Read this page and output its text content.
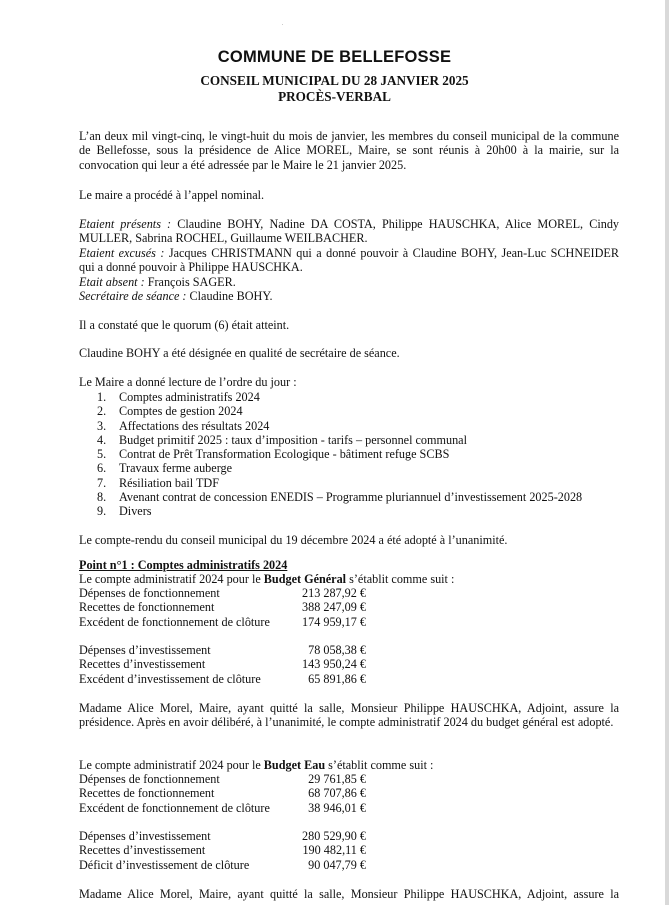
COMMUNE DE BELLEFOSSE
CONSEIL MUNICIPAL DU 28 JANVIER 2025
PROCÈS-VERBAL
L’an deux mil vingt-cinq, le vingt-huit du mois de janvier, les membres du conseil municipal de la commune de Bellefosse, sous la présidence de Alice MOREL, Maire, se sont réunis à 20h00 à la mairie, sur la convocation qui leur a été adressée par le Maire le 21 janvier 2025.
Le maire a procédé à l’appel nominal.

Etaient présents : Claudine BOHY, Nadine DA COSTA, Philippe HAUSCHKA, Alice MOREL, Cindy MULLER, Sabrina ROCHEL, Guillaume WEILBACHER.

Etaient excusés : Jacques CHRISTMANN qui a donné pouvoir à Claudine BOHY, Jean-Luc SCHNEIDER qui a donné pouvoir à Philippe HAUSCHKA.

Etait absent : François SAGER.

Secrétaire de séance : Claudine BOHY.

Il a constaté que le quorum (6) était atteint.
Claudine BOHY a été désignée en qualité de secrétaire de séance.
Le Maire a donné lecture de l’ordre du jour :
1.	Comptes administratifs 2024
2.	Comptes de gestion 2024
3.	Affectations des résultats 2024
4.	Budget primitif 2025 : taux d’imposition - tarifs – personnel communal
5.	Contrat de Prêt Transformation Ecologique - bâtiment refuge SCBS
6.	Travaux ferme auberge
7.	Résiliation bail TDF
8.	Avenant contrat de concession ENEDIS – Programme pluriannuel d’investissement 2025-2028
9.	Divers
Le compte-rendu du conseil municipal du 19 décembre 2024 a été adopté à l’unanimité.
Point n°1 : Comptes administratifs 2024
Le compte administratif 2024 pour le Budget Général s’établit comme suit :
Dépenses de fonctionnement	213 287,92 €
Recettes de fonctionnement	388 247,09 €
Excédent de fonctionnement de clôture	174 959,17 €
Dépenses d’investissement	78 058,38 €
Recettes d’investissement	143 950,24 €
Excédent d’investissement de clôture	65 891,86 €
Madame Alice Morel, Maire, ayant quitté la salle, Monsieur Philippe HAUSCHKA, Adjoint, assure la présidence. Après en avoir délibéré, à l’unanimité, le compte administratif 2024 du budget général est adopté.
Le compte administratif 2024 pour le Budget Eau s’établit comme suit :
Dépenses de fonctionnement	29 761,85 €
Recettes de fonctionnement	68 707,86 €
Excédent de fonctionnement de clôture	38 946,01 €
Dépenses d’investissement	280 529,90 €
Recettes d’investissement	190 482,11 €
Déficit d’investissement de clôture	90 047,79 €
Madame Alice Morel, Maire, ayant quitté la salle, Monsieur Philippe HAUSCHKA, Adjoint, assure la
